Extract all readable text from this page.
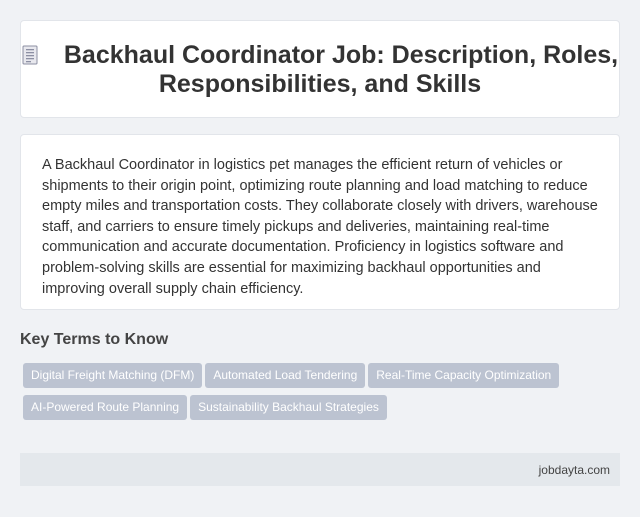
Backhaul Coordinator Job: Description, Roles, Responsibilities, and Skills

A Backhaul Coordinator in logistics pet manages the efficient return of vehicles or shipments to their origin point, optimizing route planning and load matching to reduce empty miles and transportation costs. They collaborate closely with drivers, warehouse staff, and carriers to ensure timely pickups and deliveries, maintaining real-time communication and accurate documentation. Proficiency in logistics software and problem-solving skills are essential for maximizing backhaul opportunities and improving overall supply chain efficiency.

Key Terms to Know
Digital Freight Matching (DFM) Automated Load Tendering Real-Time Capacity Optimization
AI-Powered Route Planning Sustainability Backhaul Strategies
jobdayta.com
